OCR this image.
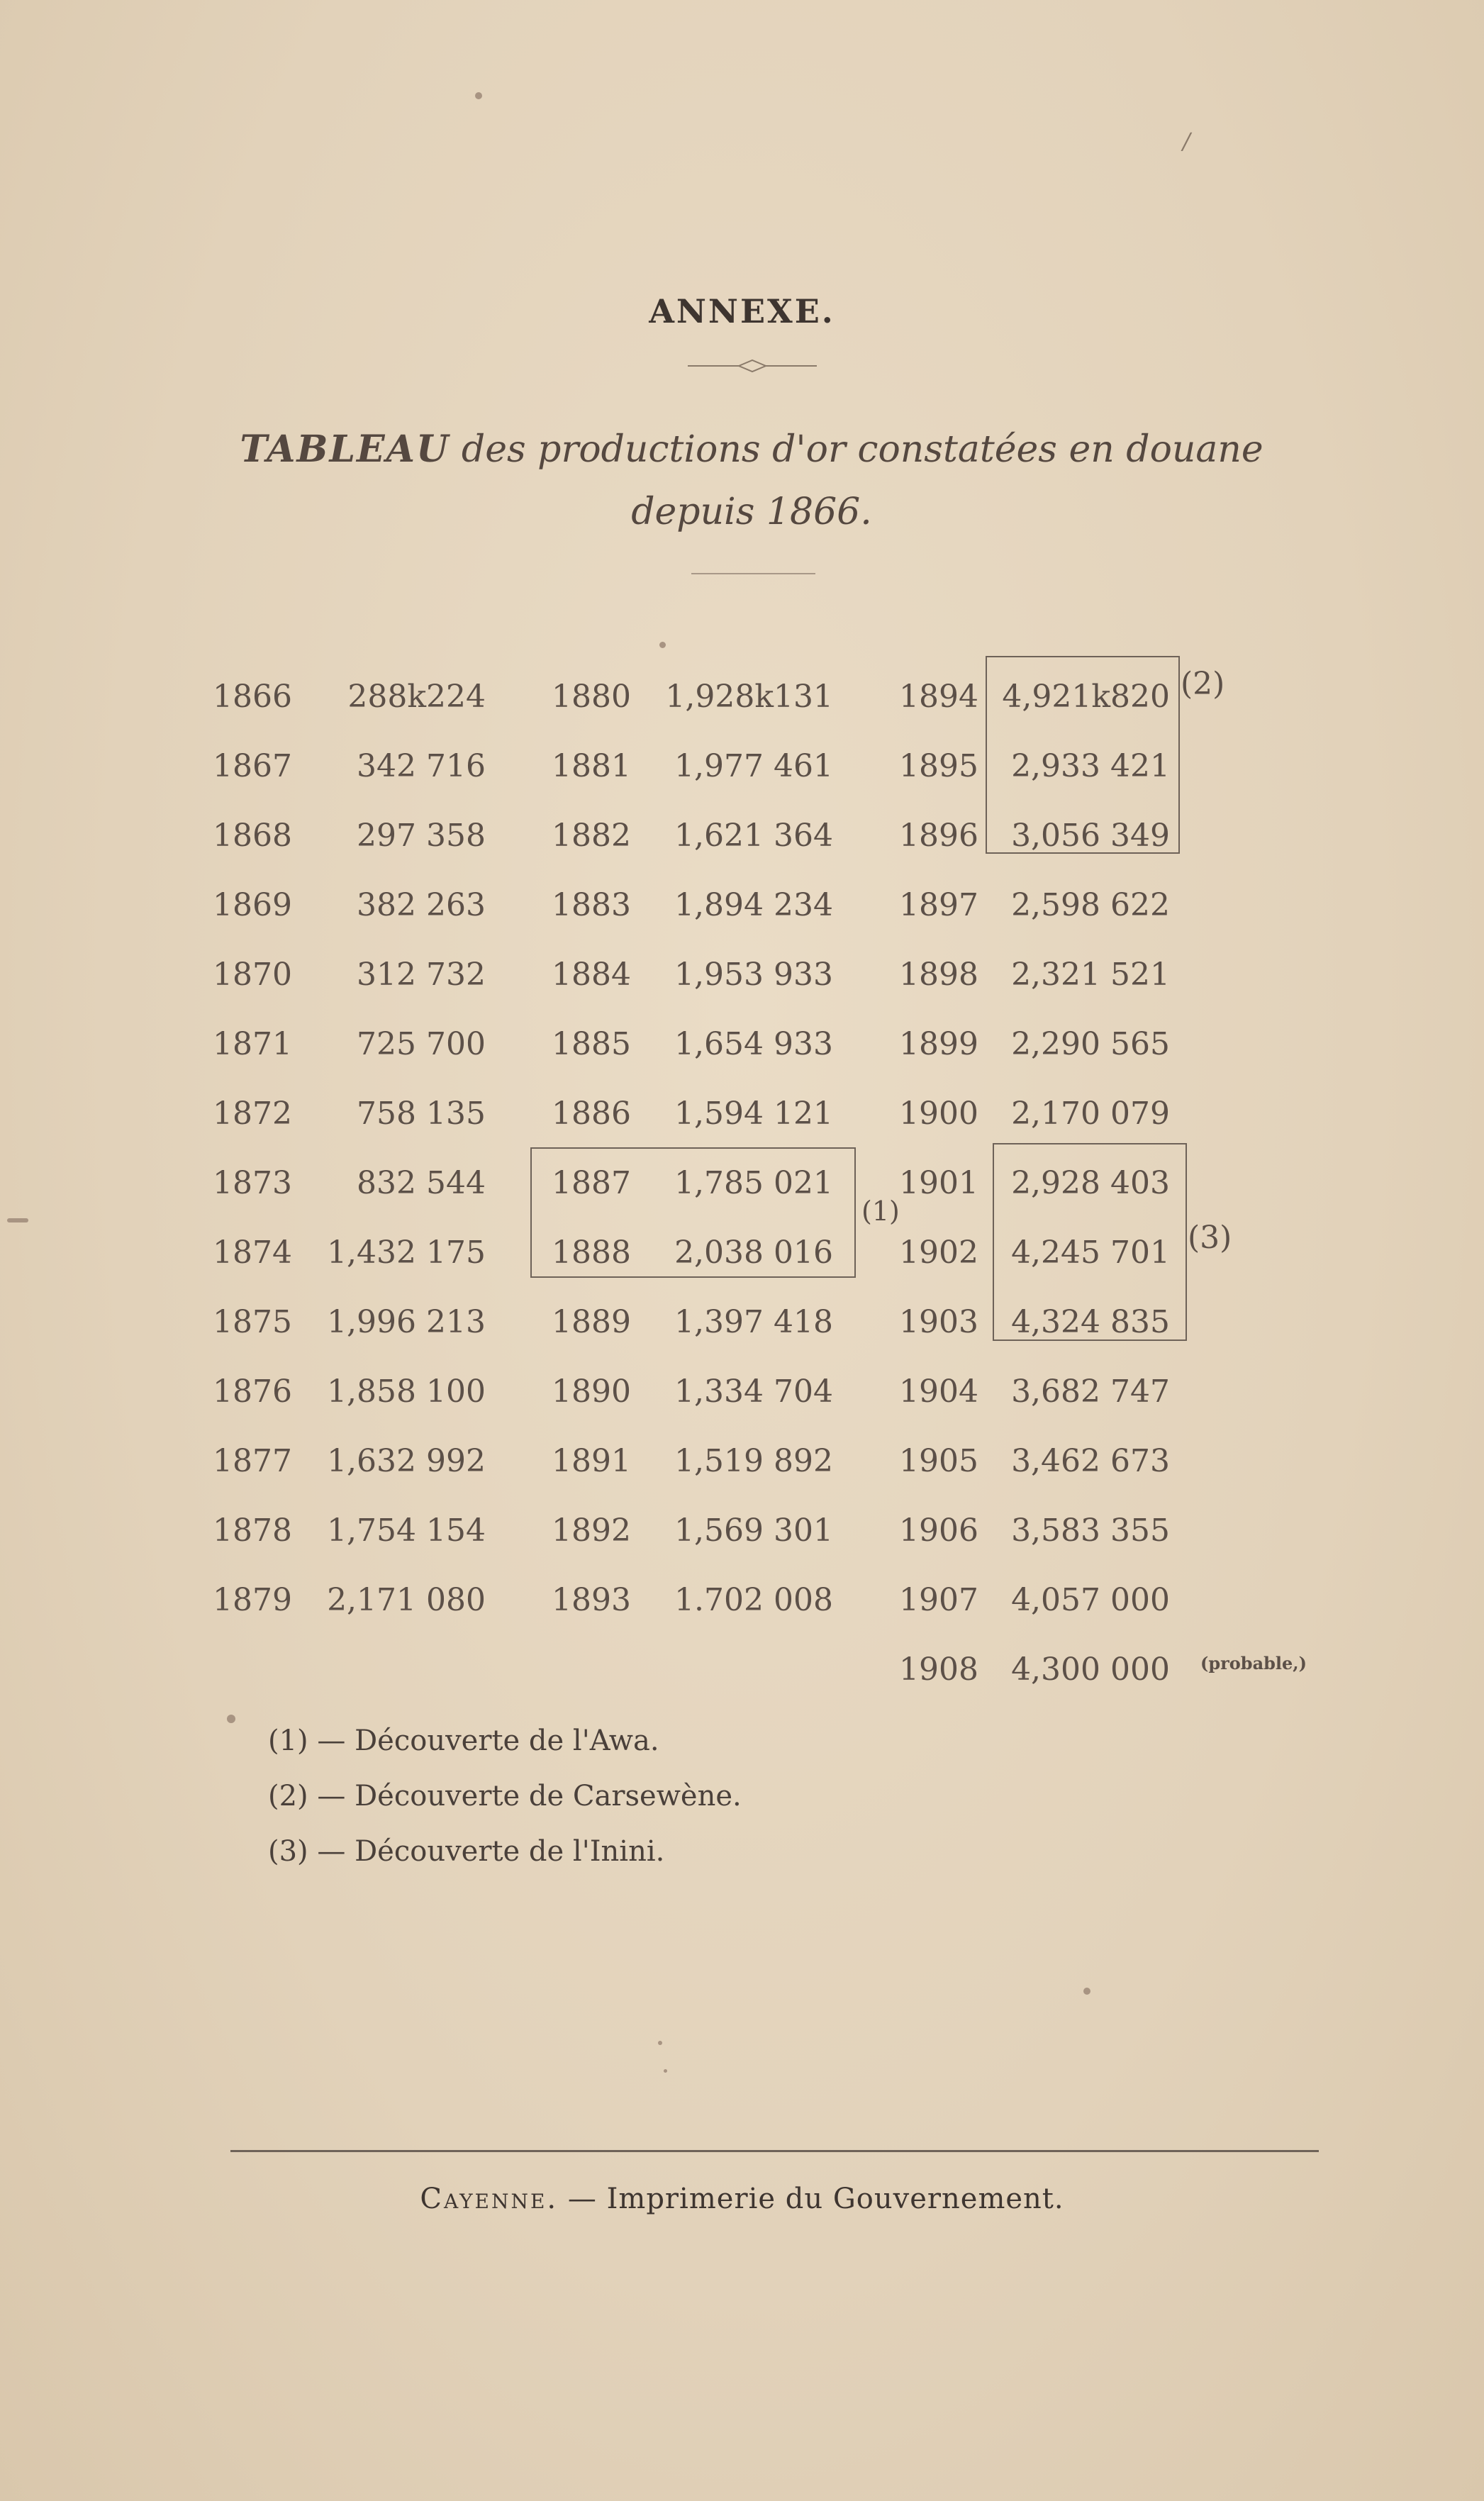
/
ANNEXE.
TABLEAU des productions d'or constatées en douane
depuis 1866.
1866	288k224
1867	342 716
1868	297 358
1869	382 263
1870	312 732
1871	725 700
1872	758 135
1873	832 544
1874	1,432 175
1875	1,996 213
1876	1,858 100
1877	1,632 992
1878	1,754 154
1879	2,171 080
1880	1,928k131
1881	1,977 461
1882	1,621 364
1883	1,894 234
1884	1,953 933
1885	1,654 933
1886	1,594 121
1887	1,785 021
1888	2,038 016
1889	1,397 418
1890	1,334 704
1891	1,519 892
1892	1,569 301
1893	1.702 008
1894 4,921k820
1895	2,933 421
1896	3,056 349
1897	2,598 622
1898	2,321 521
1899	2,290 565
1900	2,170 079
1901	2,928 403
1902	4,245 701
1903	4,324 835
1904	3,682 747
1905	3,462 673
1906	3,583 355
1907	4,057 000
1908	4,300 000
(2)
(1)
(3)
(probable,)
(1) — Découverte de l'Awa.
(2) — Découverte de Carsewène.
(3) — Découverte de l'Inini.
Cayenne. — Imprimerie du Gouvernement.
